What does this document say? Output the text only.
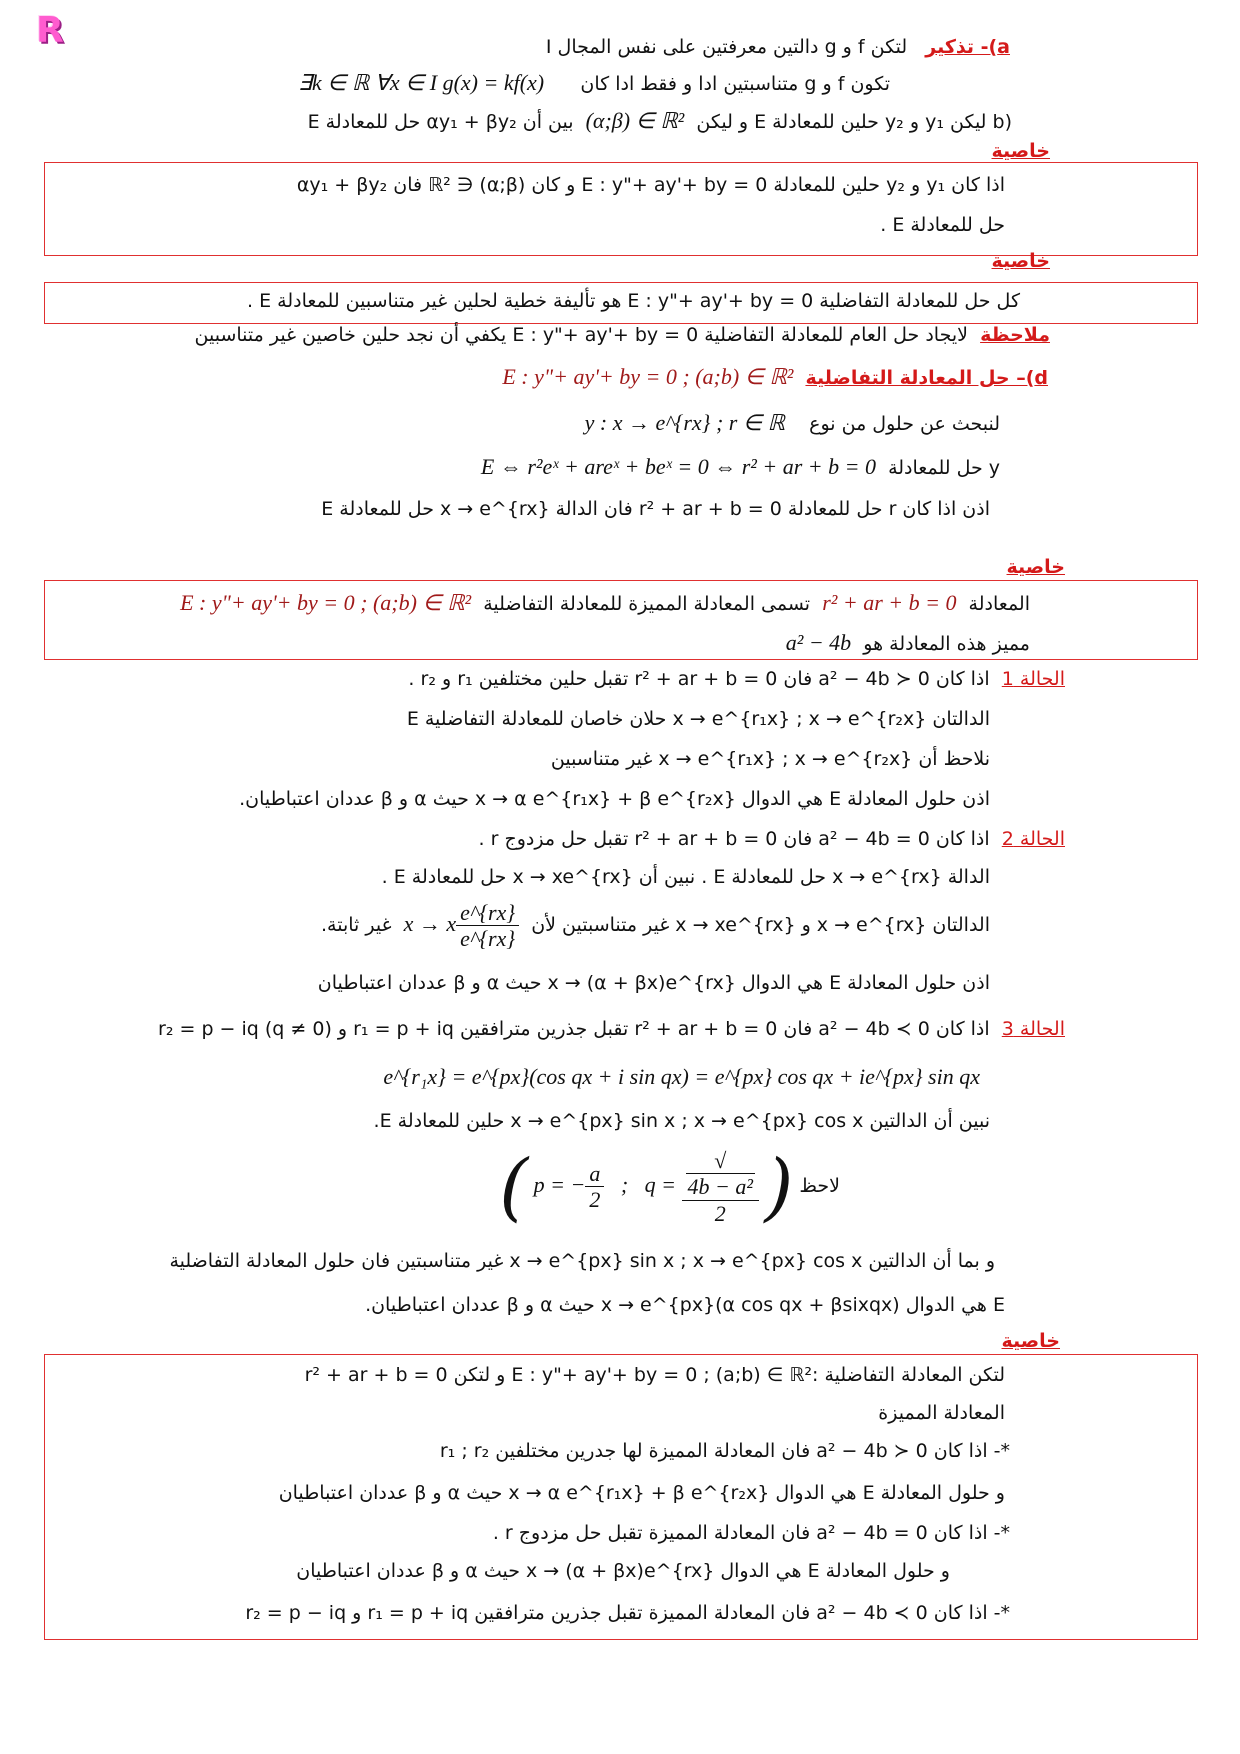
R	a)- تذكير   لتكن f و g دالتين معرفتين على نفس المجال I
تكون f و g متناسبتين ادا و فقط ادا كان      ∃k ∈ ℝ ∀x ∈ I g(x) = kf(x)
(b ليكن y₁ و y₂ حلين للمعادلة E و ليكن  (α;β) ∈ ℝ²  بين أن αy₁ + βy₂ حل للمعادلة E
خاصية
اذا كان y₁ و y₂ حلين للمعادلة E : y"+ ay'+ by = 0 و كان (α;β) ∈ ℝ² فان αy₁ + βy₂
حل للمعادلة E .
خاصية
كل حل للمعادلة التفاضلية E : y"+ ay'+ by = 0 هو تأليفة خطية لحلين غير متناسبين للمعادلة E .
ملاحظة  لايجاد حل العام للمعادلة التفاضلية E : y"+ ay'+ by = 0 يكفي أن نجد حلين خاصين غير متناسبين
d)– حل المعادلة التفاضلية  E : y"+ ay'+ by = 0 ; (a;b) ∈ ℝ²
لنبحث عن حلول من نوع    y : x → e^{rx} ; r ∈ ℝ
y حل للمعادلة  E ⇔ r²eˣ + areˣ + beˣ = 0 ⇔ r² + ar + b = 0
اذن اذا كان r حل للمعادلة r² + ar + b = 0 فان الدالة x → e^{rx} حل للمعادلة E
خاصية
المعادلة  r² + ar + b = 0  تسمى المعادلة المميزة للمعادلة التفاضلية  E : y"+ ay'+ by = 0 ; (a;b) ∈ ℝ²
مميز هذه المعادلة هو  a² − 4b
الحالة 1  اذا كان a² − 4b ≻ 0 فان r² + ar + b = 0 تقبل حلين مختلفين r₁ و r₂ .
الدالتان x → e^{r₁x} ; x → e^{r₂x} حلان خاصان للمعادلة التفاضلية E
نلاحظ أن x → e^{r₁x} ; x → e^{r₂x} غير متناسبين
اذن حلول المعادلة E هي الدوال x → α e^{r₁x} + β e^{r₂x} حيث α و β عددان اعتباطيان.
الحالة 2  اذا كان a² − 4b = 0 فان r² + ar + b = 0 تقبل حل مزدوج r .
الدالة x → e^{rx} حل للمعادلة E . نبين أن x → xe^{rx} حل للمعادلة E .
الدالتان x → e^{rx} و x → xe^{rx} غير متناسبتين لأن  x → x $\frac{e\^{}\{rx\}}{e\^{}\{rx\}}$
غير ثابتة.
اذن حلول المعادلة E هي الدوال x → (α + βx)e^{rx} حيث α و β عددان اعتباطيان
الحالة 3  اذا كان a² − 4b ≺ 0 فان r² + ar + b = 0 تقبل جذرين مترافقين r₁ = p + iq و r₂ = p − iq (q ≠ 0)
e^{r₁x} = e^{px}(cos qx + i sin qx) = e^{px} cos qx + ie^{px} sin qx
نبين أن الدالتين x → e^{px} sin x ; x → e^{px} cos x حلين للمعادلة E.
لاحظ ( p = − $\frac{a}{2}$ ;   q = √
4b − a²
2 )
و بما أن الدالتين x → e^{px} sin x ; x → e^{px} cos x غير متناسبتين فان حلول المعادلة التفاضلية
E هي الدوال x → e^{px}(α cos qx + βsixqx) حيث α و β عددان اعتباطيان.
خاصية
لتكن المعادلة التفاضلية :E : y"+ ay'+ by = 0 ; (a;b) ∈ ℝ² و لتكن r² + ar + b = 0
المعادلة المميزة
*- اذا كان a² − 4b ≻ 0 فان المعادلة المميزة لها جدرين مختلفين r₁ ; r₂
و حلول المعادلة E هي الدوال x → α e^{r₁x} + β e^{r₂x} حيث α و β عددان اعتباطيان
*- اذا كان a² − 4b = 0 فان المعادلة المميزة تقبل حل مزدوج r .
و حلول المعادلة E هي الدوال x → (α + βx)e^{rx} حيث α و β عددان اعتباطيان
*- اذا كان a² − 4b ≺ 0 فان المعادلة المميزة تقبل جذرين مترافقين r₁ = p + iq و r₂ = p − iq
